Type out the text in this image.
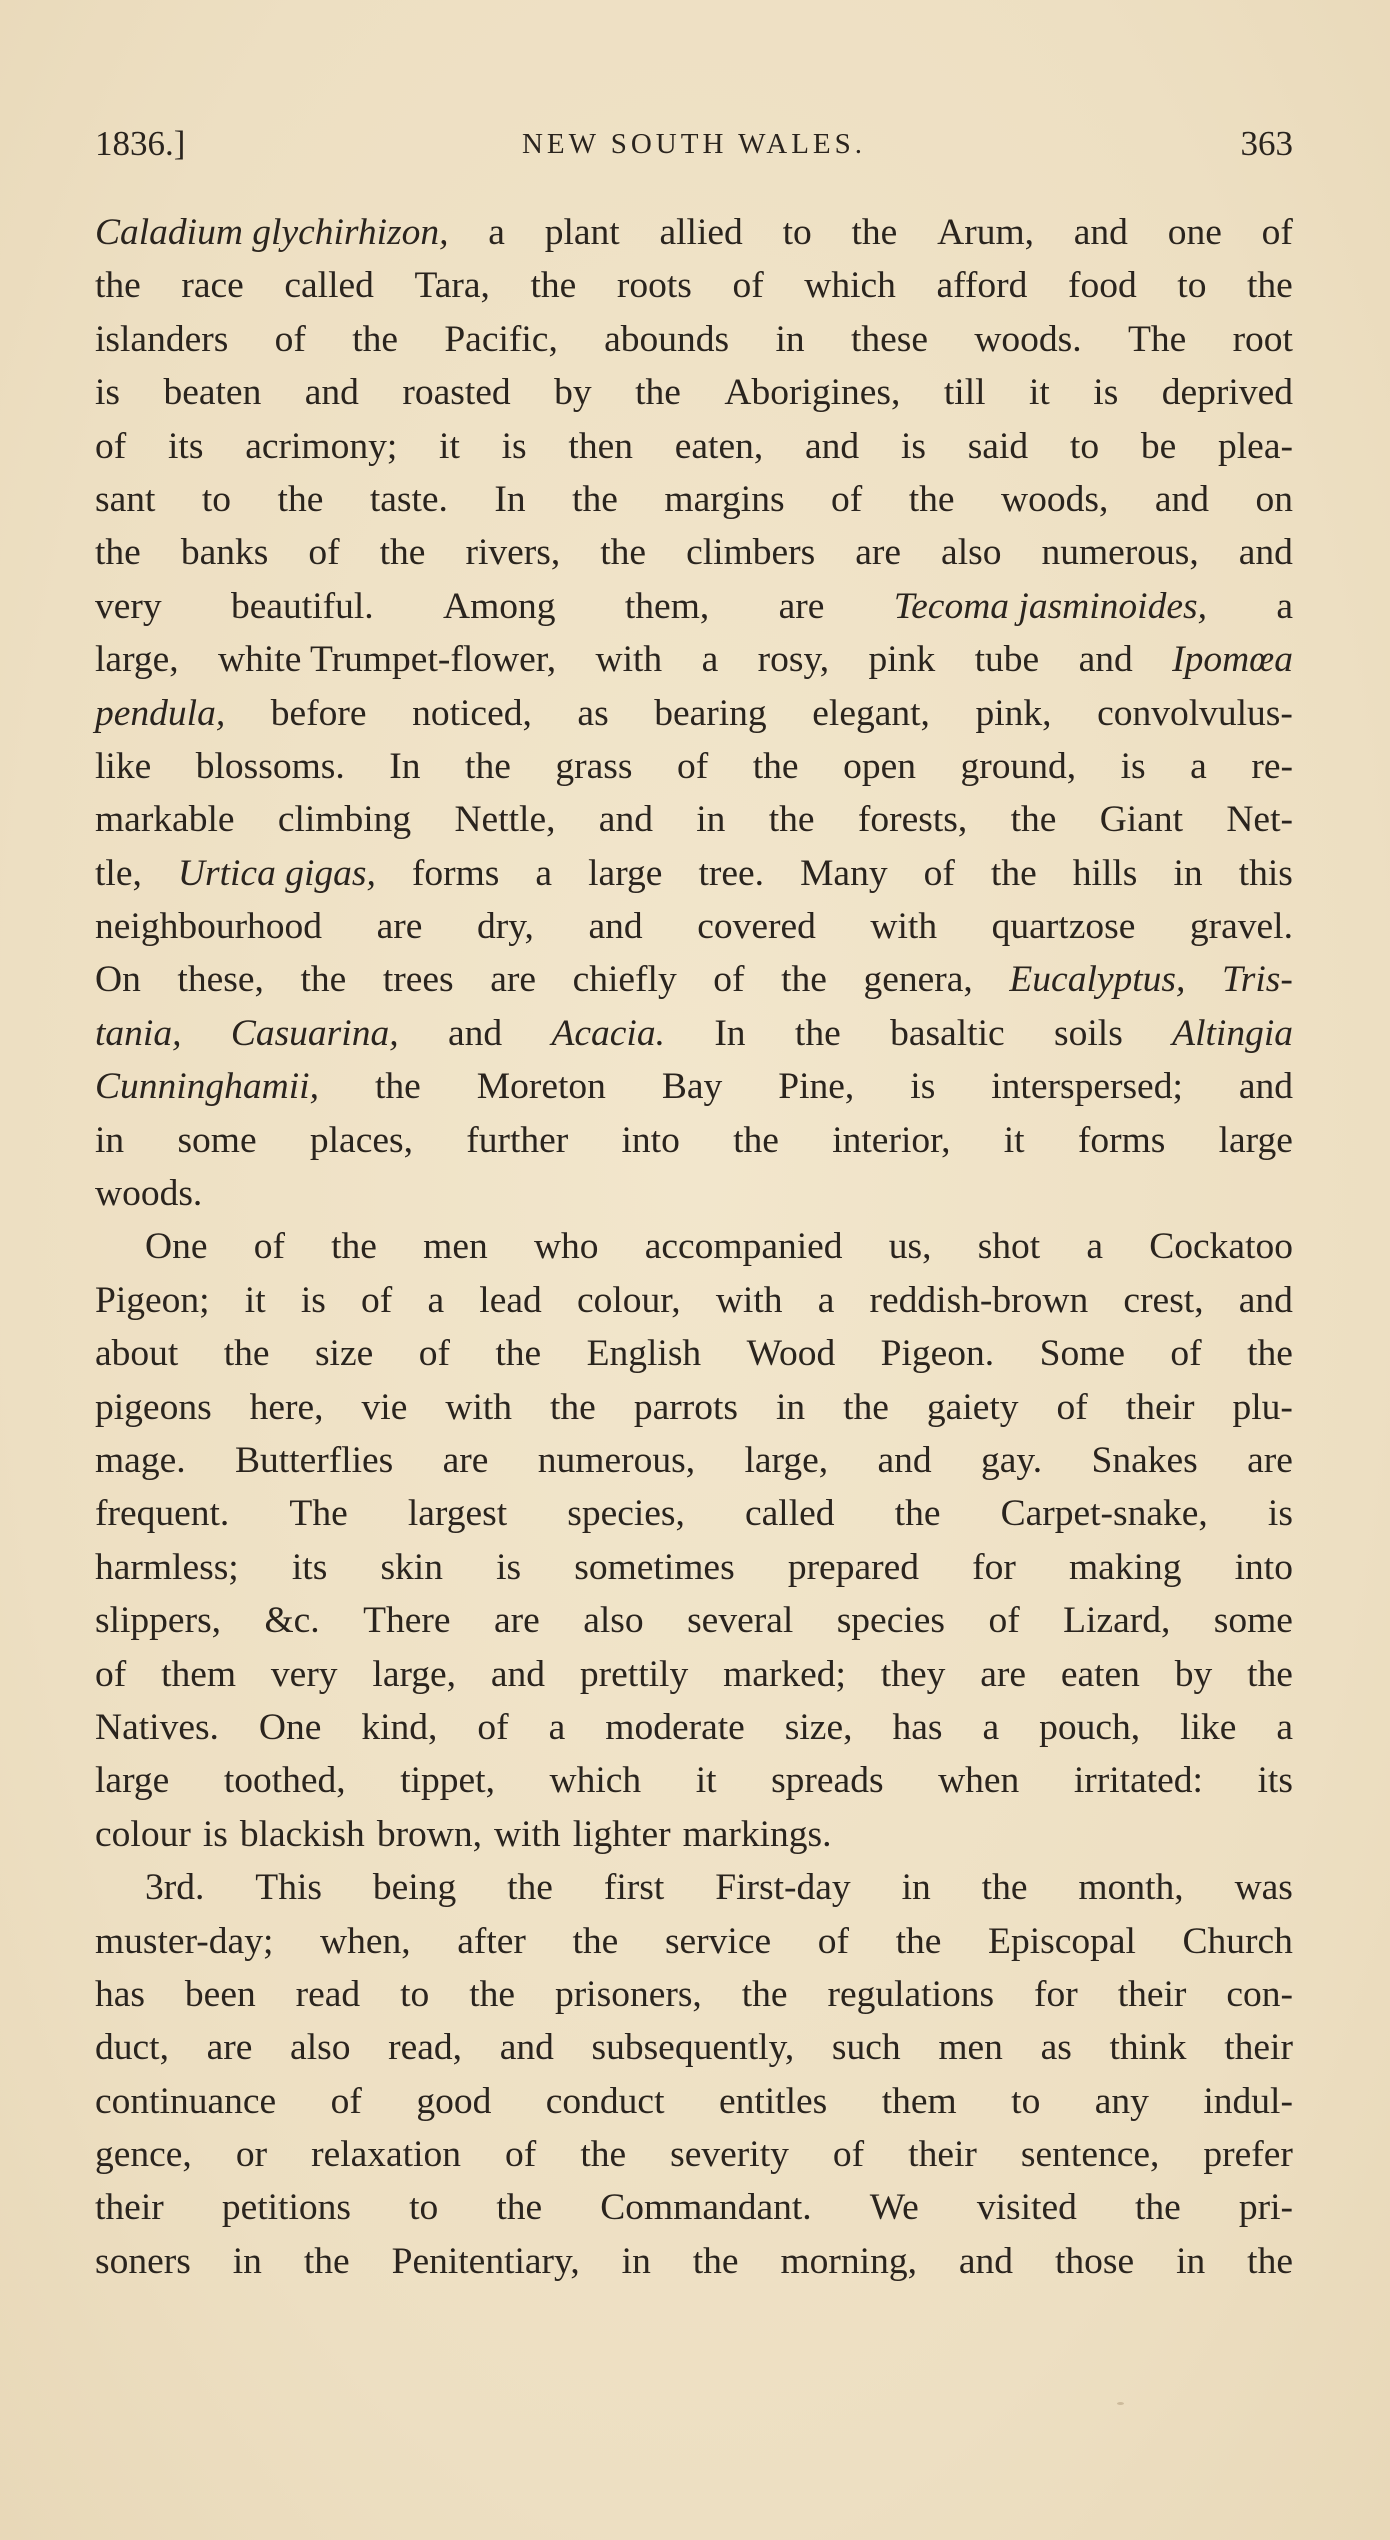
1836.]	NEW SOUTH WALES.	363
Caladium glychirhizon, a plant allied to the Arum, and one of
the race called Tara, the roots of which afford food to the
islanders of the Pacific, abounds in these woods. The root
is beaten and roasted by the Aborigines, till it is deprived
of its acrimony; it is then eaten, and is said to be plea-
sant to the taste. In the margins of the woods, and on
the banks of the rivers, the climbers are also numerous, and
very beautiful. Among them, are Tecoma jasminoides, a
large, white Trumpet-flower, with a rosy, pink tube and Ipomœa
pendula, before noticed, as bearing elegant, pink, convolvulus-
like blossoms. In the grass of the open ground, is a re-
markable climbing Nettle, and in the forests, the Giant Net-
tle, Urtica gigas, forms a large tree. Many of the hills in this
neighbourhood are dry, and covered with quartzose gravel.
On these, the trees are chiefly of the genera, Eucalyptus, Tris-
tania, Casuarina, and Acacia. In the basaltic soils Altingia
Cunninghamii, the Moreton Bay Pine, is interspersed; and
in some places, further into the interior, it forms large
woods.
One of the men who accompanied us, shot a Cockatoo
Pigeon; it is of a lead colour, with a reddish-brown crest, and
about the size of the English Wood Pigeon. Some of the
pigeons here, vie with the parrots in the gaiety of their plu-
mage. Butterflies are numerous, large, and gay. Snakes are
frequent. The largest species, called the Carpet-snake, is
harmless; its skin is sometimes prepared for making into
slippers, &c. There are also several species of Lizard, some
of them very large, and prettily marked; they are eaten by the
Natives. One kind, of a moderate size, has a pouch, like a
large toothed, tippet, which it spreads when irritated: its
colour is blackish brown, with lighter markings.
3rd. This being the first First-day in the month, was
muster-day; when, after the service of the Episcopal Church
has been read to the prisoners, the regulations for their con-
duct, are also read, and subsequently, such men as think their
continuance of good conduct entitles them to any indul-
gence, or relaxation of the severity of their sentence, prefer
their petitions to the Commandant. We visited the pri-
soners in the Penitentiary, in the morning, and those in the
